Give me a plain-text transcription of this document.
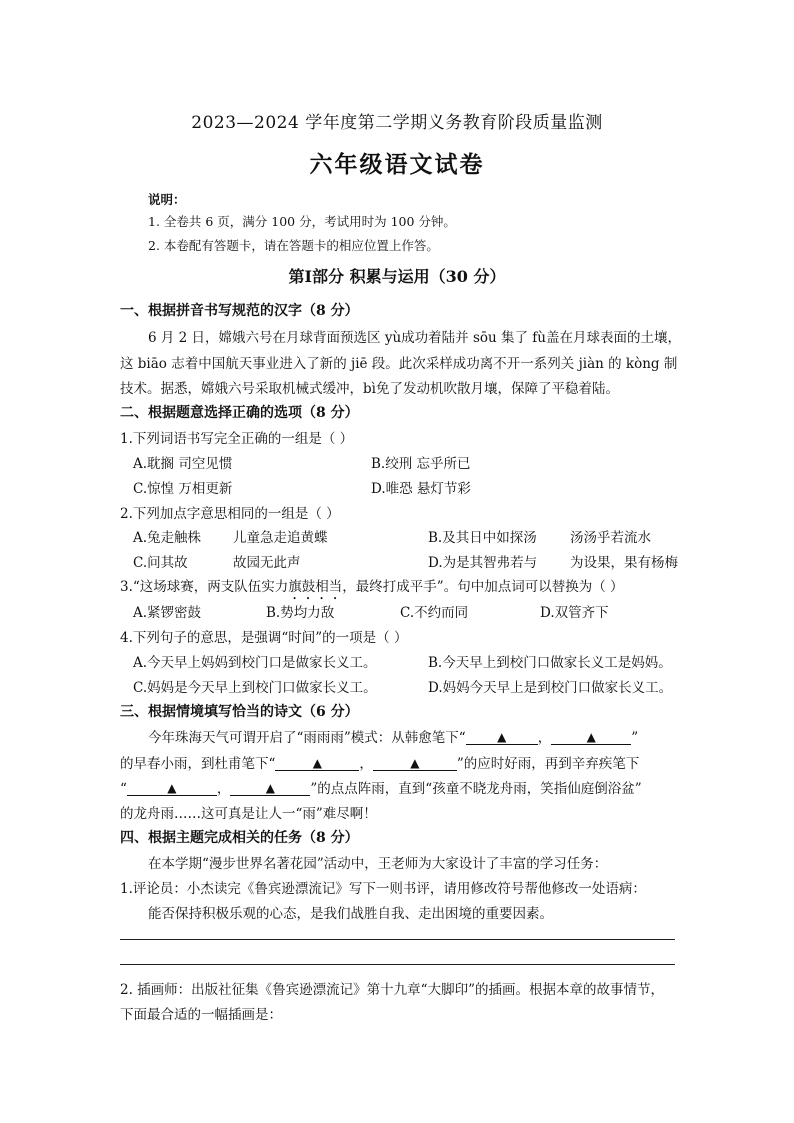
2023—2024 学年度第二学期义务教育阶段质量监测
六年级语文试卷
说明：
1. 全卷共 6 页，满分 100 分，考试用时为 100 分钟。
2. 本卷配有答题卡，请在答题卡的相应位置上作答。
第Ⅰ部分 积累与运用（30 分）
一、根据拼音书写规范的汉字（8 分）
6 月 2 日，嫦娥六号在月球背面预选区 yù成功着陆并 sōu 集了 fù盖在月球表面的土壤，
这 biāo 志着中国航天事业进入了新的 jiē 段。此次采样成功离不开一系列关 jiàn 的 kòng 制
技术。据悉，嫦娥六号采取机械式缓冲，bì免了发动机吹散月壤，保障了平稳着陆。
二、根据题意选择正确的选项（8 分）
1.下列词语书写完全正确的一组是（ ）
A.耽搁 司空见惯	B.绞刑 忘乎所已
C.惊惶 万相更新	D.唯恐 悬灯节彩
2.下列加点字意思相同的一组是（ ）
A.兔走触株 儿童急走追黄蝶	B.及其日中如探汤 汤汤乎若流水
C.问其故	故园无此声	D.为是其智弗若与 为设果，果有杨梅
3.“这场球赛，两支队伍实力旗鼓相当，最终打成平手”。句中加点词可以替换为（ ）
A.紧锣密鼓	B.势均力敌	C.不约而同	D.双管齐下
4.下列句子的意思，是强调“时间”的一项是（ ）
A.今天早上妈妈到校门口是做家长义工。	B.今天早上到校门口做家长义工是妈妈。
C.妈妈是今天早上到校门口做家长义工。	D.妈妈今天早上是到校门口做家长义工。
三、根据情境填写恰当的诗文（6 分）
今年珠海天气可谓开启了“雨雨雨”模式：从韩愈笔下“	▲ ，	▲	”
的早春小雨，到杜甫笔下“	▲	，	▲	”的应时好雨，再到辛弃疾笔下
“	▲	，	▲	”的点点阵雨，直到“孩童不晓龙舟雨，笑指仙庭倒浴盆”
的龙舟雨……这可真是让人一“雨”难尽啊！
四、根据主题完成相关的任务（8 分）
在本学期“漫步世界名著花园”活动中，王老师为大家设计了丰富的学习任务：
1.评论员：小杰读完《鲁宾逊漂流记》写下一则书评，请用修改符号帮他修改一处语病：
能否保持积极乐观的心态，是我们战胜自我、走出困境的重要因素。
2. 插画师：出版社征集《鲁宾逊漂流记》第十九章“大脚印”的插画。根据本章的故事情节，
下面最合适的一幅插画是：
